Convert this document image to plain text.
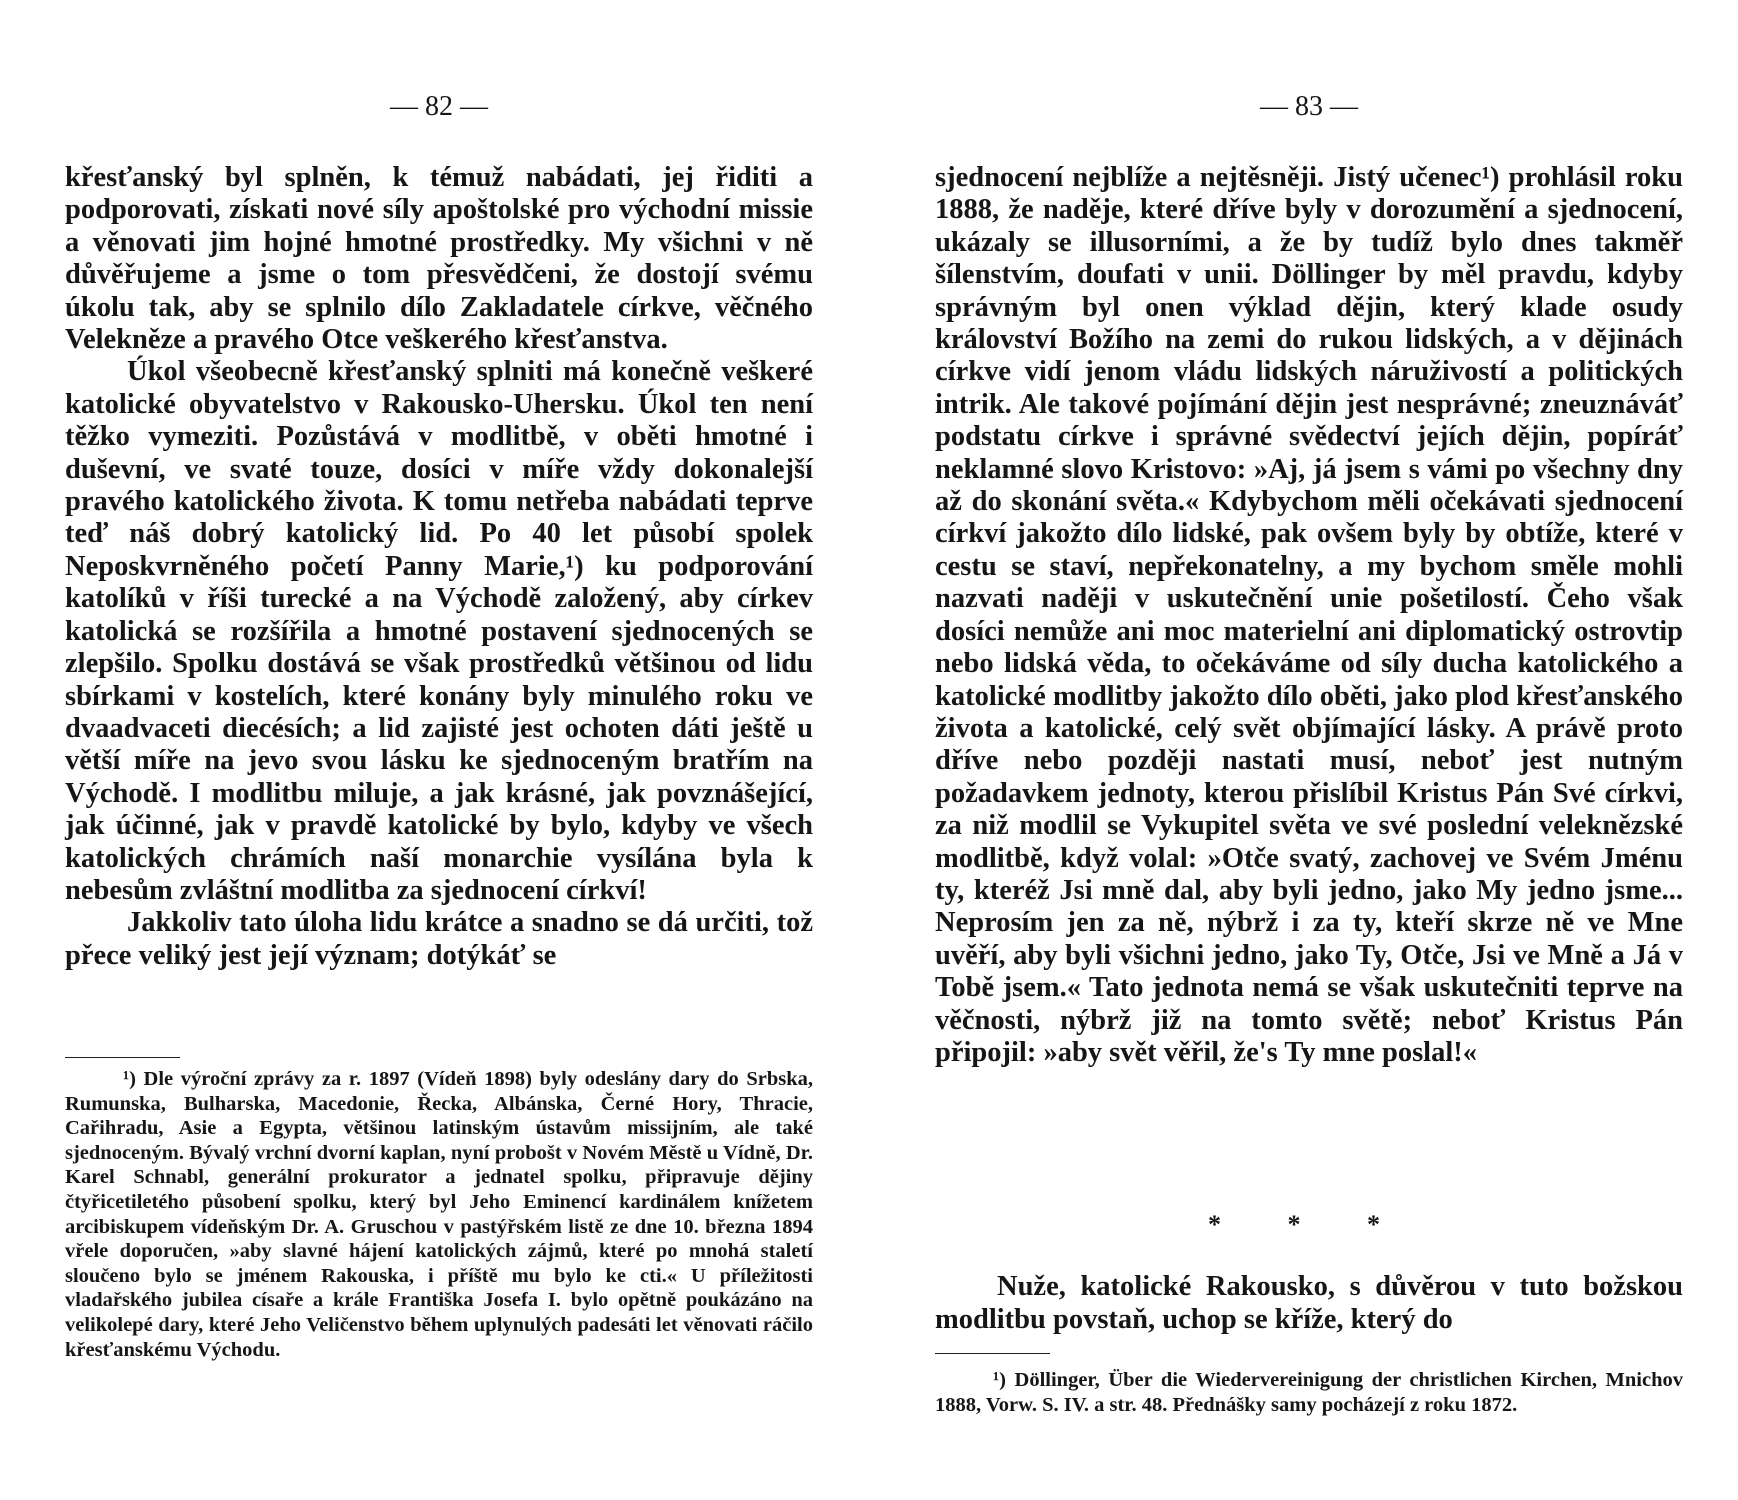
— 82 —

křesťanský byl splněn, k témuž nabádati, jej řiditi a podporovati, získati nové síly apoštolské pro východní missie a věnovati jim hojné hmotné prostředky. My všichni v ně důvěřujeme a jsme o tom přesvědčeni, že dostojí svému úkolu tak, aby se splnilo dílo Zakladatele církve, věčného Velekněze a pravého Otce veškerého křesťanstva.

Úkol všeobecně křesťanský splniti má konečně veškeré katolické obyvatelstvo v Rakousko-Uhersku. Úkol ten není těžko vymeziti. Pozůstává v modlitbě, v oběti hmotné i duševní, ve svaté touze, dosíci v míře vždy dokonalejší pravého katolického života. K tomu netřeba nabádati teprve teď náš dobrý katolický lid. Po 40 let působí spolek Neposkvrněného početí Panny Marie,¹) ku podporování katolíků v říši turecké a na Východě založený, aby církev katolická se rozšířila a hmotné postavení sjednocených se zlepšilo. Spolku dostává se však prostředků většinou od lidu sbírkami v kostelích, které konány byly minulého roku ve dvaadvaceti diecésích; a lid zajisté jest ochoten dáti ještě u větší míře na jevo svou lásku ke sjednoceným bratřím na Východě. I modlitbu miluje, a jak krásné, jak povznášející, jak účinné, jak v pravdě katolické by bylo, kdyby ve všech katolických chrámích naší monarchie vysílána byla k nebesům zvláštní modlitba za sjednocení církví!

Jakkoliv tato úloha lidu krátce a snadno se dá určiti, tož přece veliký jest její význam; dotýkáť se

¹) Dle výroční zprávy za r. 1897 (Vídeň 1898) byly odeslány dary do Srbska, Rumunska, Bulharska, Macedonie, Řecka, Albánska, Černé Hory, Thracie, Cařihradu, Asie a Egypta, většinou latinským ústavům missijním, ale také sjednoceným. Bývalý vrchní dvorní kaplan, nyní probošt v Novém Městě u Vídně, Dr. Karel Schnabl, generální prokurator a jednatel spolku, připravuje dějiny čtyřicetiletého působení spolku, který byl Jeho Eminencí kardinálem knížetem arcibiskupem vídeňským Dr. A. Gruschou v pastýřském listě ze dne 10. března 1894 vřele doporučen, »aby slavné hájení katolických zájmů, které po mnohá staletí sloučeno bylo se jménem Rakouska, i příště mu bylo ke cti.« U příležitosti vladařského jubilea císaře a krále Františka Josefa I. bylo opětně poukázáno na velikolepé dary, které Jeho Veličenstvo během uplynulých padesáti let věnovati ráčilo křesťanskému Východu.

— 83 —

sjednocení nejblíže a nejtěsněji. Jistý učenec¹) prohlásil roku 1888, že naděje, které dříve byly v dorozumění a sjednocení, ukázaly se illusorními, a že by tudíž bylo dnes takměř šílenstvím, doufati v unii. Döllinger by měl pravdu, kdyby správným byl onen výklad dějin, který klade osudy království Božího na zemi do rukou lidských, a v dějinách církve vidí jenom vládu lidských náruživostí a politických intrik. Ale takové pojímání dějin jest nesprávné; zneuznáváť podstatu církve i správné svědectví jejích dějin, popíráť neklamné slovo Kristovo: »Aj, já jsem s vámi po všechny dny až do skonání světa.« Kdybychom měli očekávati sjednocení církví jakožto dílo lidské, pak ovšem byly by obtíže, které v cestu se staví, nepřekonatelny, a my bychom směle mohli nazvati naději v uskutečnění unie pošetilostí. Čeho však dosíci nemůže ani moc materielní ani diplomatický ostrovtip nebo lidská věda, to očekáváme od síly ducha katolického a katolické modlitby jakožto dílo oběti, jako plod křesťanského života a katolické, celý svět objímající lásky. A právě proto dříve nebo později nastati musí, neboť jest nutným požadavkem jednoty, kterou přislíbil Kristus Pán Své církvi, za niž modlil se Vykupitel světa ve své poslední veleknězské modlitbě, když volal: »Otče svatý, zachovej ve Svém Jménu ty, kteréž Jsi mně dal, aby byli jedno, jako My jedno jsme... Neprosím jen za ně, nýbrž i za ty, kteří skrze ně ve Mne uvěří, aby byli všichni jedno, jako Ty, Otče, Jsi ve Mně a Já v Tobě jsem.« Tato jednota nemá se však uskutečniti teprve na věčnosti, nýbrž již na tomto světě; neboť Kristus Pán připojil: »aby svět věřil, že's Ty mne poslal!«

* * *

Nuže, katolické Rakousko, s důvěrou v tuto božskou modlitbu povstaň, uchop se kříže, který do

¹) Döllinger, Über die Wiedervereinigung der christlichen Kirchen, Mnichov 1888, Vorw. S. IV. a str. 48. Přednášky samy pocházejí z roku 1872.
